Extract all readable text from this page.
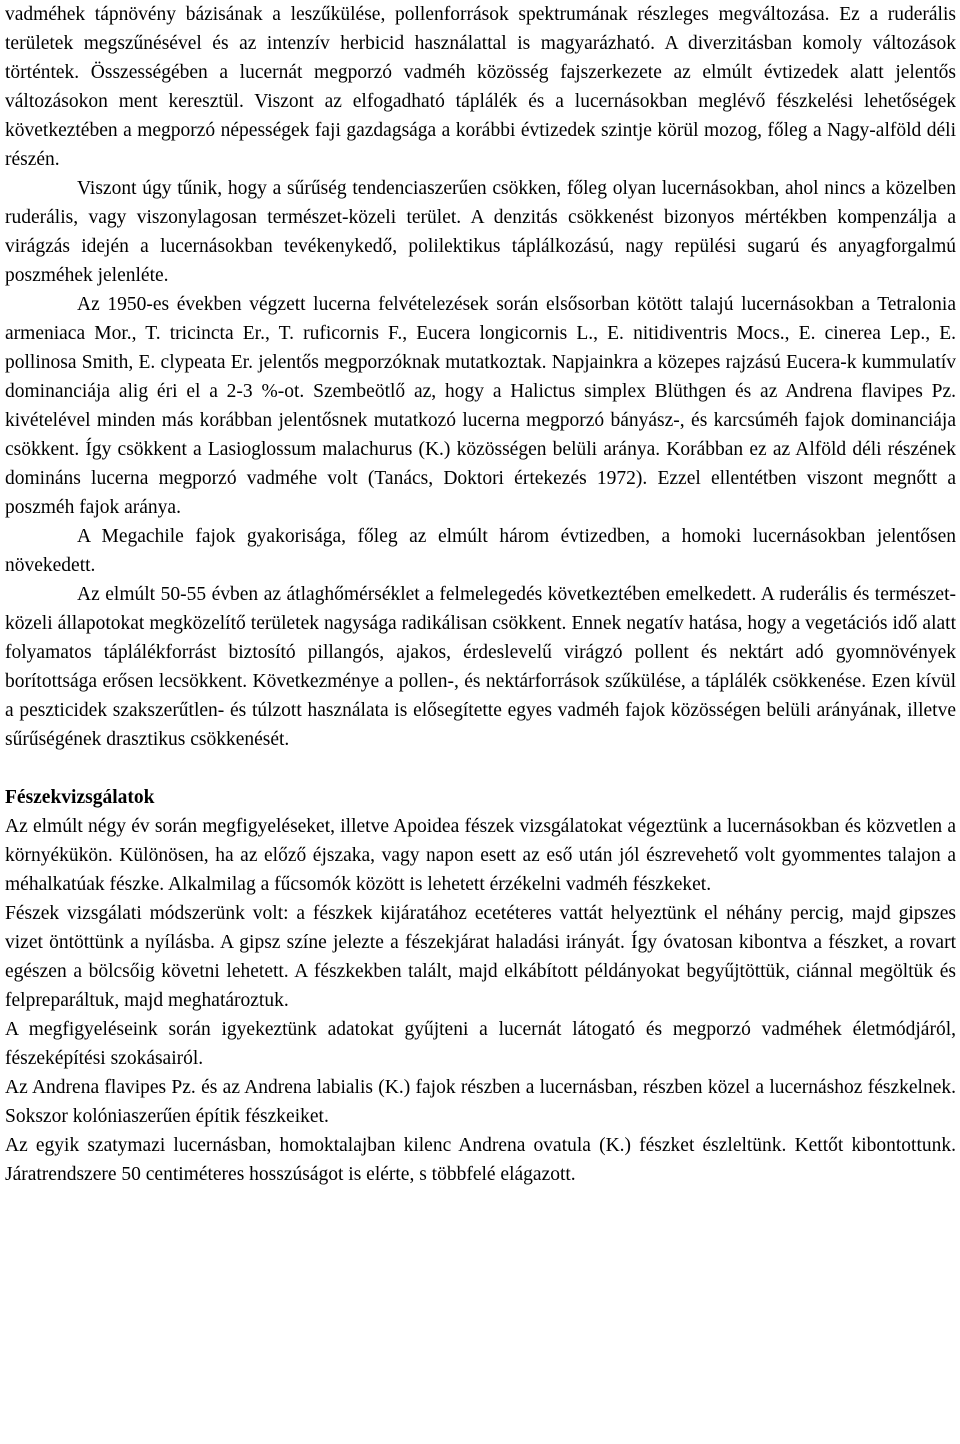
vadméhek tápnövény bázisának a leszűkülése, pollenforrások spektrumának részleges megváltozása. Ez a ruderális területek megszűnésével és az intenzív herbicid használattal is magyarázható. A diverzitásban komoly változások történtek. Összességében a lucernát megporzó vadméh közösség fajszerkezete az elmúlt évtizedek alatt jelentős változásokon ment keresztül. Viszont az elfogadható táplálék és a lucernásokban meglévő fészkelési lehetőségek következtében a megporzó népességek faji gazdagsága a korábbi évtizedek szintje körül mozog, főleg a Nagy-alföld déli részén.

Viszont úgy tűnik, hogy a sűrűség tendenciaszerűen csökken, főleg olyan lucernásokban, ahol nincs a közelben ruderális, vagy viszonylagosan természet-közeli terület. A denzitás csökkenést bizonyos mértékben kompenzálja a virágzás idején a lucernásokban tevékenykedő, polilektikus táplálkozású, nagy repülési sugarú és anyagforgalmú poszméhek jelenléte.

Az 1950-es években végzett lucerna felvételezések során elsősorban kötött talajú lucernásokban a Tetralonia armeniaca Mor., T. tricincta Er., T. ruficornis F., Eucera longicornis L., E. nitidiventris Mocs., E. cinerea Lep., E. pollinosa Smith, E. clypeata Er. jelentős megporzóknak mutatkoztak. Napjainkra a közepes rajzású Eucera-k kummulatív dominanciája alig éri el a 2-3 %-ot. Szembeötlő az, hogy a Halictus simplex Blüthgen és az Andrena flavipes Pz. kivételével minden más korábban jelentősnek mutatkozó lucerna megporzó bányász-, és karcsúméh fajok dominanciája csökkent. Így csökkent a Lasioglossum malachurus (K.) közösségen belüli aránya. Korábban ez az Alföld déli részének domináns lucerna megporzó vadméhe volt (Tanács, Doktori értekezés 1972). Ezzel ellentétben viszont megnőtt a poszméh fajok aránya.

A Megachile fajok gyakorisága, főleg az elmúlt három évtizedben, a homoki lucernásokban jelentősen növekedett.

Az elmúlt 50-55 évben az átlaghőmérséklet a felmelegedés következtében emelkedett. A ruderális és természet-közeli állapotokat megközelítő területek nagysága radikálisan csökkent. Ennek negatív hatása, hogy a vegetációs idő alatt folyamatos táplálékforrást biztosító pillangós, ajakos, érdeslevelű virágzó pollent és nektárt adó gyomnövények borítottsága erősen lecsökkent. Következménye a pollen-, és nektárforrások szűkülése, a táplálék csökkenése. Ezen kívül a peszticidek szakszerűtlen- és túlzott használata is elősegítette egyes vadméh fajok közösségen belüli arányának, illetve sűrűségének drasztikus csökkenését.

Fészekvizsgálatok

Az elmúlt négy év során megfigyeléseket, illetve Apoidea fészek vizsgálatokat végeztünk a lucernásokban és közvetlen a környékükön. Különösen, ha az előző éjszaka, vagy napon esett az eső után jól észrevehető volt gyommentes talajon a méhalkatúak fészke. Alkalmilag a fűcsomók között is lehetett érzékelni vadméh fészkeket.

Fészek vizsgálati módszerünk volt: a fészkek kijáratához ecetéteres vattát helyeztünk el néhány percig, majd gipszes vizet öntöttünk a nyílásba. A gipsz színe jelezte a fészekjárat haladási irányát. Így óvatosan kibontva a fészket, a rovart egészen a bölcsőig követni lehetett. A fészkekben talált, majd elkábított példányokat begyűjtöttük, ciánnal megöltük és felpreparáltuk, majd meghatároztuk.

A megfigyeléseink során igyekeztünk adatokat gyűjteni a lucernát látogató és megporzó vadméhek életmódjáról, fészeképítési szokásairól.

Az Andrena flavipes Pz. és az Andrena labialis (K.) fajok részben a lucernásban, részben közel a lucernáshoz fészkelnek. Sokszor kolóniaszerűen építik fészkeiket.

Az egyik szatymazi lucernásban, homoktalajban kilenc Andrena ovatula (K.) fészket észleltünk. Kettőt kibontottunk. Járatrendszere 50 centiméteres hosszúságot is elérte, s többfelé elágazott.
